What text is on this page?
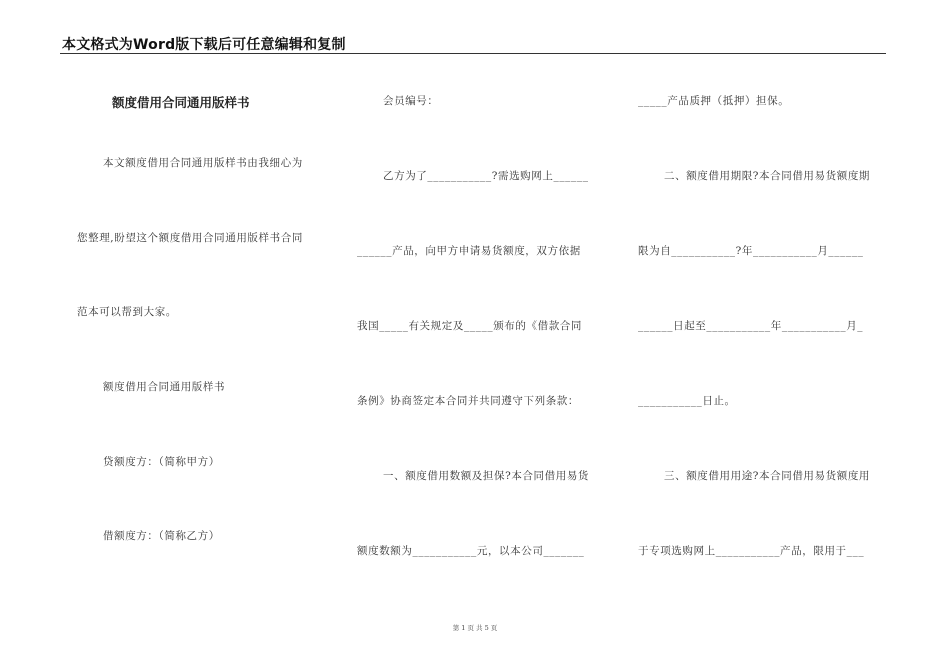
本文格式为Word版下载后可任意编辑和复制
额度借用合同通用版样书
本文额度借用合同通用版样书由我细心为
您整理,盼望这个额度借用合同通用版样书合同
范本可以帮到大家。
额度借用合同通用版样书
贷额度方：（简称甲方）
借额度方：（简称乙方）
会员编号：
乙方为了___________?需选购网上______
______产品，向甲方申请易货额度，双方依据
我国_____有关规定及_____颁布的《借款合同
条例》协商签定本合同并共同遵守下列条款：
一、额度借用数额及担保?本合同借用易货
额度数额为___________元，以本公司_______
_____产品质押（抵押）担保。
二、额度借用期限?本合同借用易货额度期
限为自___________?年___________月______
______日起至___________年___________月_
___________日止。
三、额度借用用途?本合同借用易货额度用
于专项选购网上___________产品，限用于___
第 1 页 共 5 页
